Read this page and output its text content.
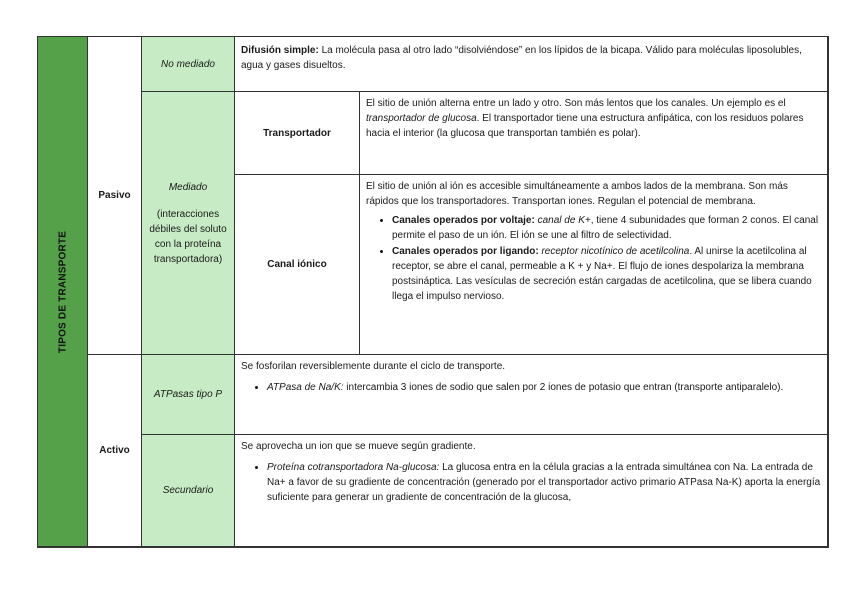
TIPOS DE TRANSPORTE
Pasivo
Activo
No mediado
Mediado
(interacciones débiles del soluto con la proteína transportadora)
ATPasas tipo P
Secundario
Difusión simple: La molécula pasa al otro lado “disolviéndose” en los lípidos de la bicapa. Válido para moléculas liposolubles, agua y gases disueltos.
Transportador
El sitio de unión alterna entre un lado y otro. Son más lentos que los canales. Un ejemplo es el transportador de glucosa. El transportador tiene una estructura anfipática, con los residuos polares hacia el interior (la glucosa que transportan también es polar).
Canal iónico
El sitio de unión al ión es accesible simultáneamente a ambos lados de la membrana. Son más rápidos que los transportadores. Transportan iones. Regulan el potencial de membrana.
• Canales operados por voltaje: canal de K+, tiene 4 subunidades que forman 2 conos. El canal permite el paso de un ión. El ión se une al filtro de selectividad.
• Canales operados por ligando: receptor nicotínico de acetilcolina. Al unirse la acetilcolina al receptor, se abre el canal, permeable a K + y Na+. El flujo de iones despolariza la membrana postsináptica. Las vesículas de secreción están cargadas de acetilcolina, que se libera cuando llega el impulso nervioso.
Se fosforilan reversiblemente durante el ciclo de transporte.
• ATPasa de Na/K: intercambia 3 iones de sodio que salen por 2 iones de potasio que entran (transporte antiparalelo).
Se aprovecha un ion que se mueve según gradiente.
• Proteína cotransportadora Na-glucosa: La glucosa entra en la célula gracias a la entrada simultánea con Na. La entrada de Na+ a favor de su gradiente de concentración (generado por el transportador activo primario ATPasa Na-K) aporta la energía suficiente para generar un gradiente de concentración de la glucosa,
